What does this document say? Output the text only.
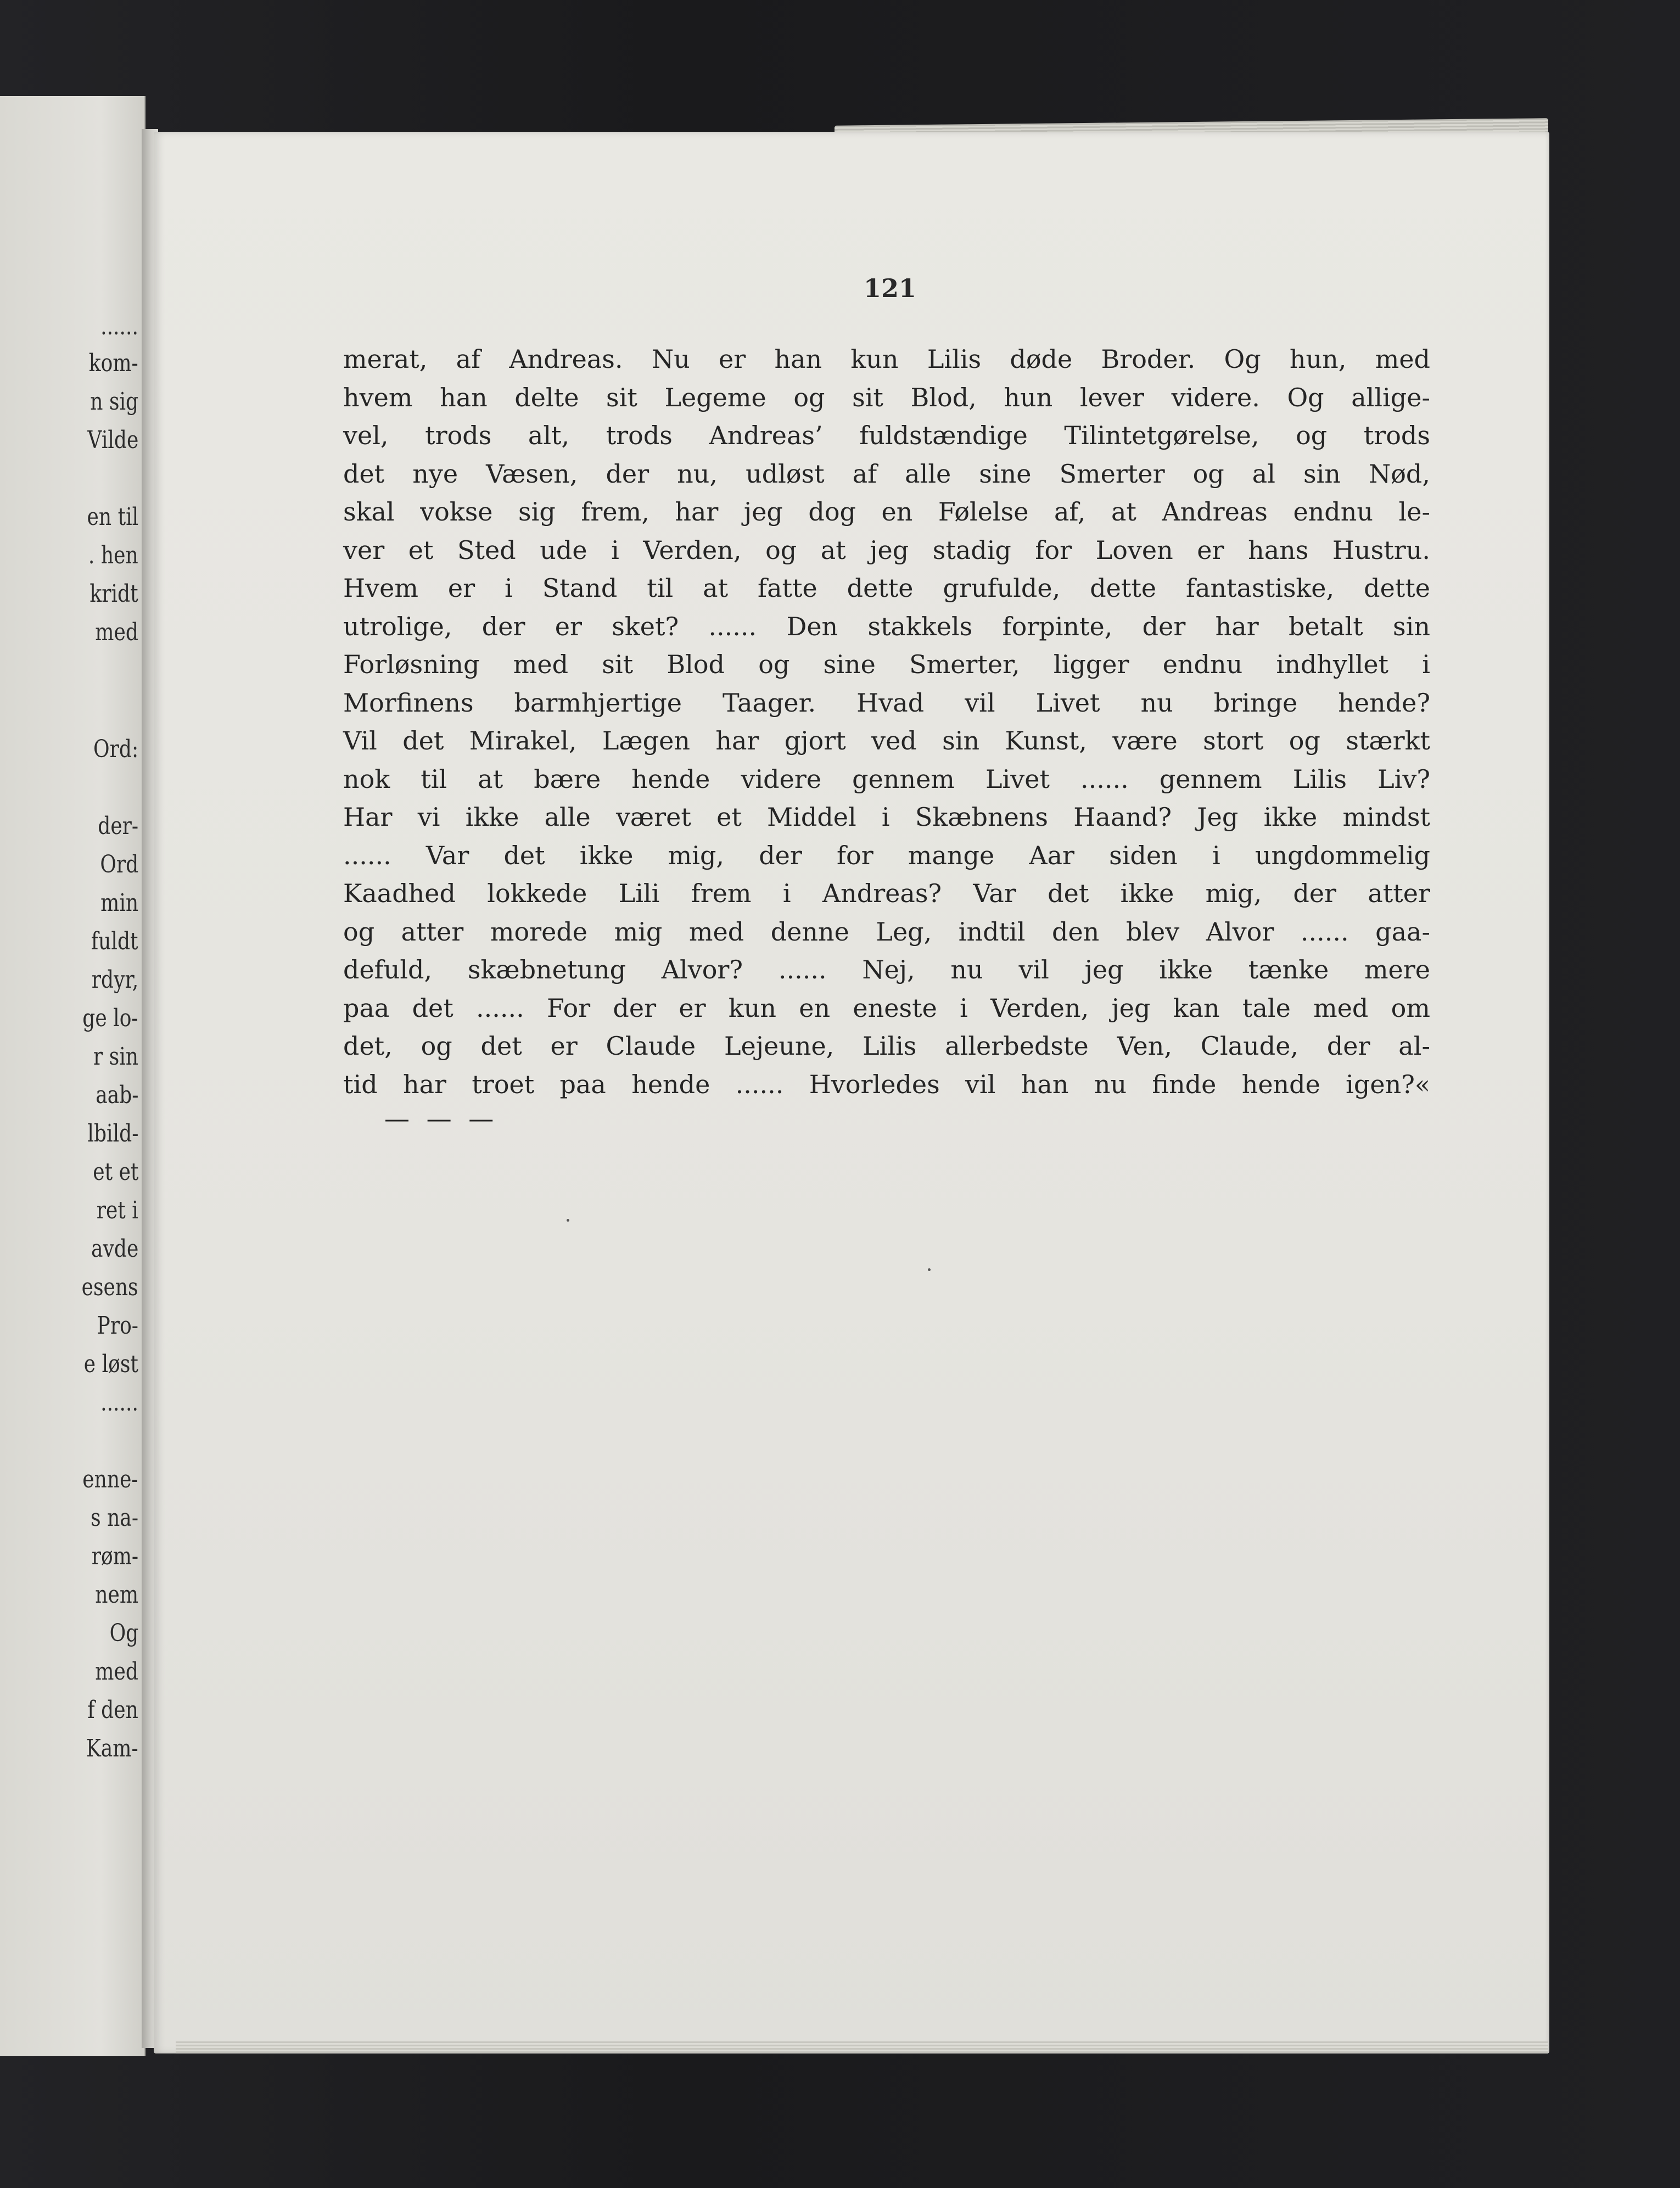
......
kom-
n sig
Vilde
en til
. hen
kridt
med
Ord:
der-
Ord
min
fuldt
rdyr,
ge lo-
r sin
aab-
lbild-
et et
ret i
avde
esens
Pro-
e løst
......
enne-
s na-
røm-
nem
Og
med
f den
Kam-
121
merat, af Andreas. Nu er han kun Lilis døde Broder. Og hun, med
hvem han delte sit Legeme og sit Blod, hun lever videre. Og allige-
vel, trods alt, trods Andreas’ fuldstændige Tilintetgørelse, og trods
det nye Væsen, der nu, udløst af alle sine Smerter og al sin Nød,
skal vokse sig frem, har jeg dog en Følelse af, at Andreas endnu le-
ver et Sted ude i Verden, og at jeg stadig for Loven er hans Hustru.
Hvem er i Stand til at fatte dette grufulde, dette fantastiske, dette
utrolige, der er sket? ...... Den stakkels forpinte, der har betalt sin
Forløsning med sit Blod og sine Smerter, ligger endnu indhyllet i
Morfinens barmhjertige Taager. Hvad vil Livet nu bringe hende?
Vil det Mirakel, Lægen har gjort ved sin Kunst, være stort og stærkt
nok til at bære hende videre gennem Livet ...... gennem Lilis Liv?
Har vi ikke alle været et Middel i Skæbnens Haand? Jeg ikke mindst
...... Var det ikke mig, der for mange Aar siden i ungdommelig
Kaadhed lokkede Lili frem i Andreas? Var det ikke mig, der atter
og atter morede mig med denne Leg, indtil den blev Alvor ...... gaa-
defuld, skæbnetung Alvor? ...... Nej, nu vil jeg ikke tænke mere
paa det ...... For der er kun en eneste i Verden, jeg kan tale med om
det, og det er Claude Lejeune, Lilis allerbedste Ven, Claude, der al-
tid har troet paa hende ...... Hvorledes vil han nu finde hende igen?«
— — —
